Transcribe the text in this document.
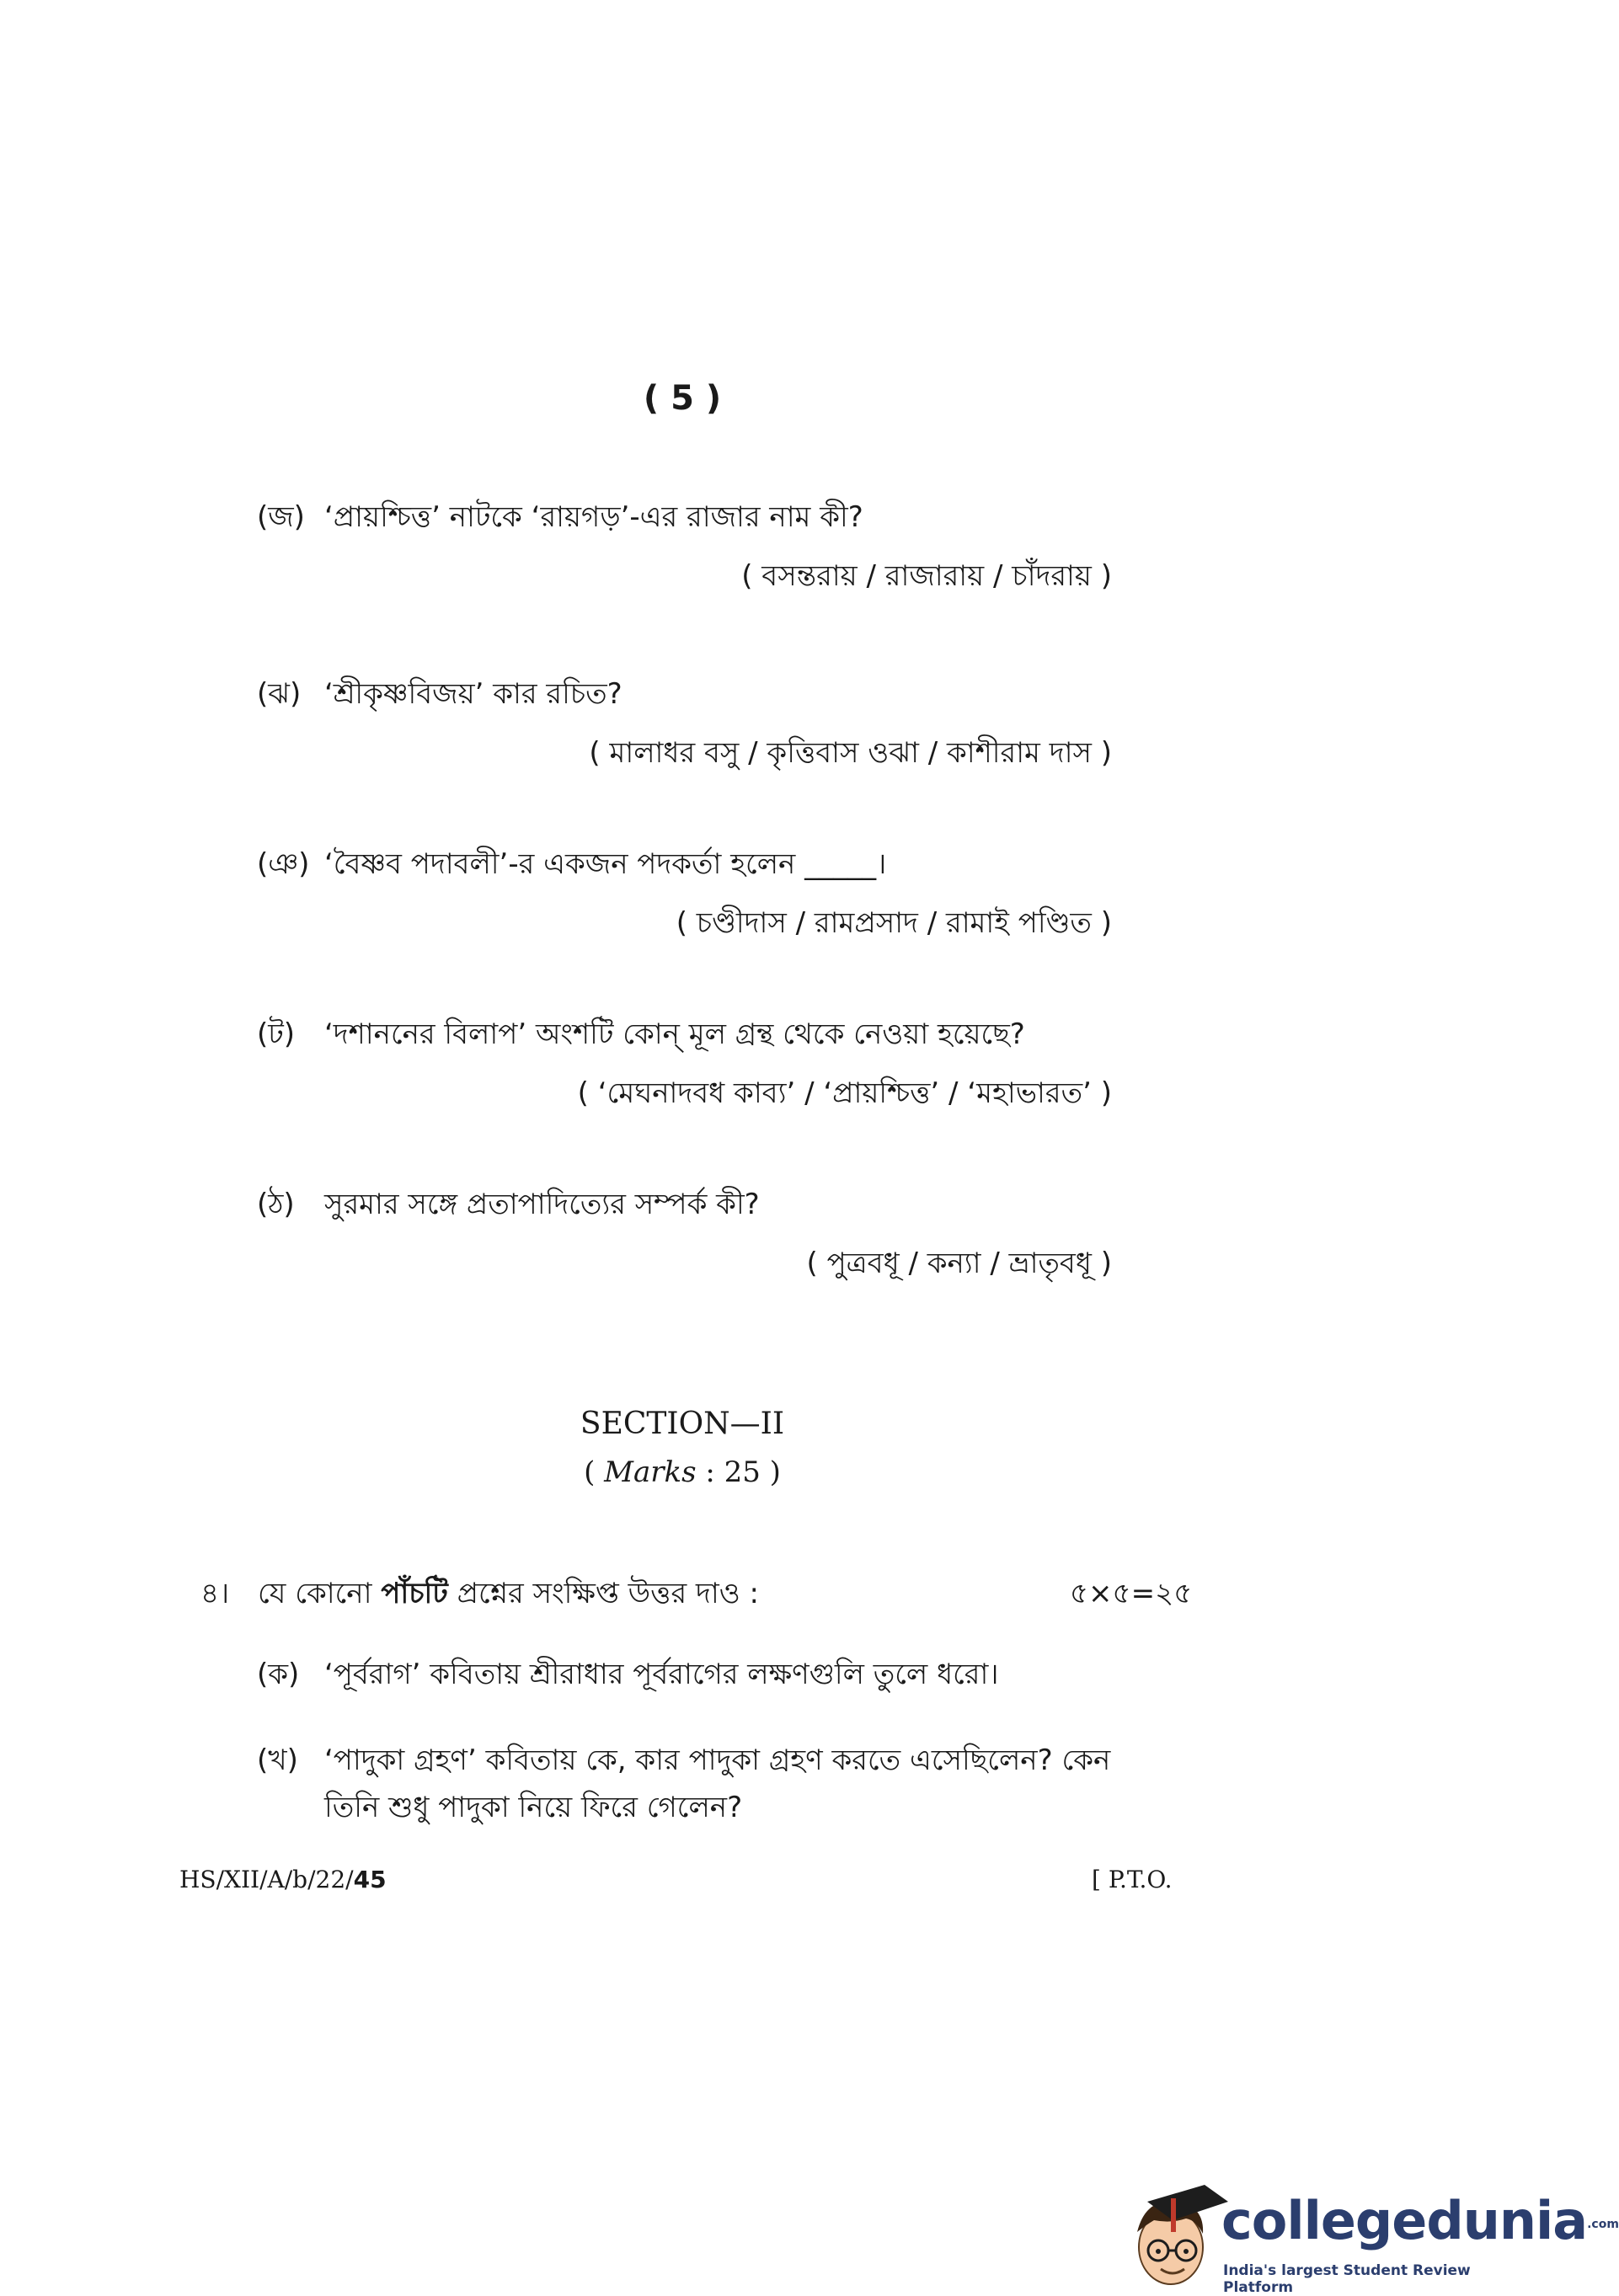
( 5 )
(জ) ‘প্রায়শ্চিত্ত’ নাটকে ‘রায়গড়’-এর রাজার নাম কী?
( বসন্তরায় / রাজারায় / চাঁদরায় )
(ঝ) ‘শ্রীকৃষ্ণবিজয়’ কার রচিত?
( মালাধর বসু / কৃত্তিবাস ওঝা / কাশীরাম দাস )
(ঞ) ‘বৈষ্ণব পদাবলী’-র একজন পদকর্তা হলেন _____।
( চণ্ডীদাস / রামপ্রসাদ / রামাই পণ্ডিত )
(ট) ‘দশাননের বিলাপ’ অংশটি কোন্ মূল গ্রন্থ থেকে নেওয়া হয়েছে?
( ‘মেঘনাদবধ কাব্য’ / ‘প্রায়শ্চিত্ত’ / ‘মহাভারত’ )
(ঠ) সুরমার সঙ্গে প্রতাপাদিত্যের সম্পর্ক কী?
( পুত্রবধূ / কন্যা / ভ্রাতৃবধূ )
SECTION—II
( Marks : 25 )
৪। যে কোনো পাঁচটি প্রশ্নের সংক্ষিপ্ত উত্তর দাও :	৫×৫=২৫
(ক) ‘পূর্বরাগ’ কবিতায় শ্রীরাধার পূর্বরাগের লক্ষণগুলি তুলে ধরো।
(খ) ‘পাদুকা গ্রহণ’ কবিতায় কে, কার পাদুকা গ্রহণ করতে এসেছিলেন? কেন
তিনি শুধু পাদুকা নিয়ে ফিরে গেলেন?
HS/XII/A/b/22/45	[ P.T.O.
collegedunia.com
India's largest Student Review Platform
